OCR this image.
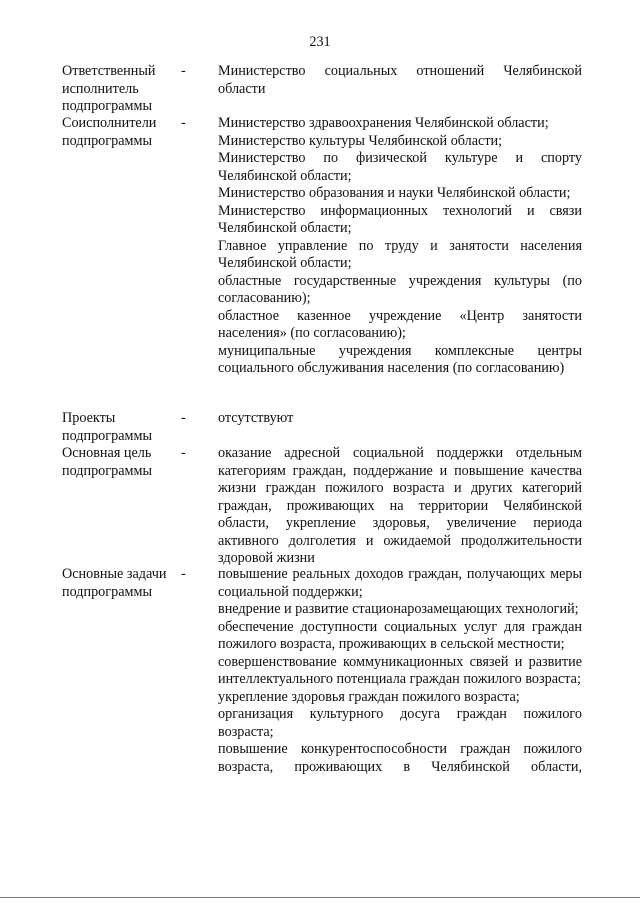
231
Ответственный исполнитель подпрограммы
- Министерство социальных отношений Челябинской области

Соисполнители подпрограммы
- Министерство здравоохранения Челябинской области;

Министерство культуры Челябинской области;

Министерство по физической культуре и спорту Челябинской области;

Министерство образования и науки Челябинской области;

Министерство информационных технологий и связи Челябинской области;

Главное управление по труду и занятости населения Челябинской области;

областные государственные учреждения культуры (по согласованию);

областное казенное учреждение «Центр занятости населения» (по согласованию);

муниципальные учреждения комплексные центры социального обслуживания населения (по согласованию)

Проекты подпрограммы
- отсутствуют

Основная цель подпрограммы
- оказание адресной социальной поддержки отдельным категориям граждан, поддержание и повышение качества жизни граждан пожилого возраста и других категорий граждан, проживающих на территории Челябинской области, укрепление здоровья, увеличение периода активного долголетия и ожидаемой продолжительности здоровой жизни

Основные задачи подпрограммы
- повышение реальных доходов граждан, получающих меры социальной поддержки;

внедрение и развитие стационарозамещающих технологий;

обеспечение доступности социальных услуг для граждан пожилого возраста, проживающих в сельской местности;

совершенствование коммуникационных связей и развитие интеллектуального потенциала граждан пожилого возраста;

укрепление здоровья граждан пожилого возраста;

организация культурного досуга граждан пожилого возраста;

повышение конкурентоспособности граждан пожилого возраста, проживающих в Челябинской области,
